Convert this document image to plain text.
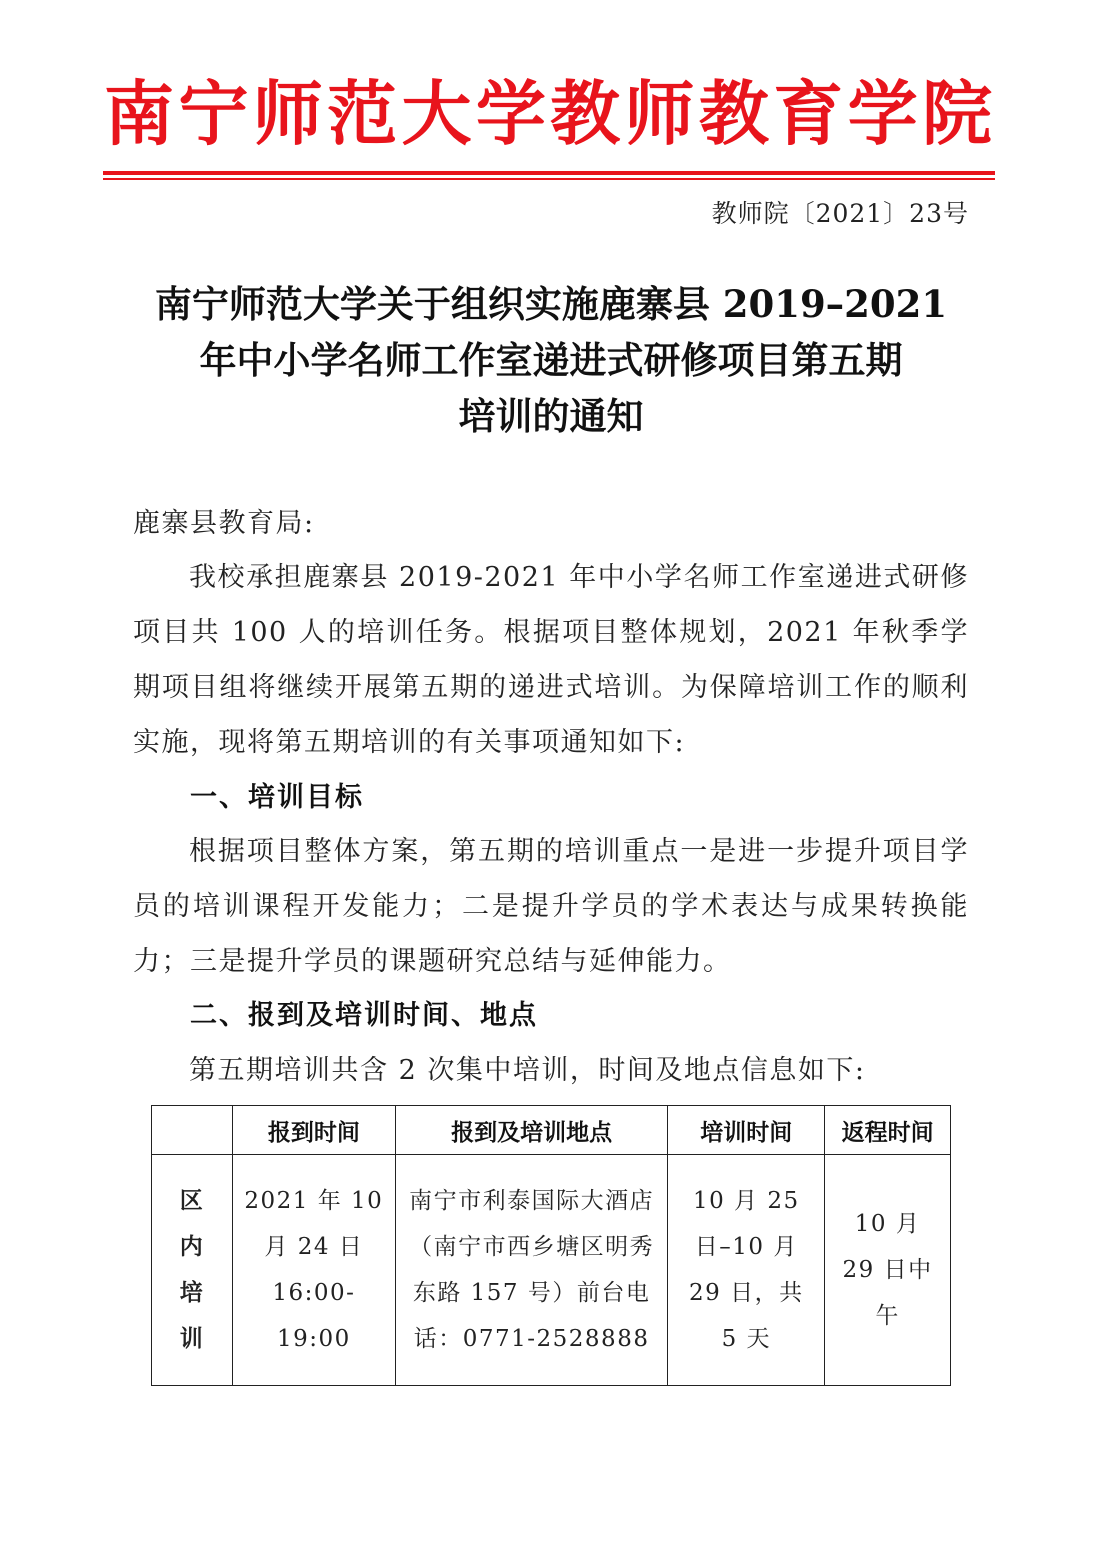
南宁师范大学教师教育学院
教师院〔2021〕23号
南宁师范大学关于组织实施鹿寨县 2019–2021
年中小学名师工作室递进式研修项目第五期
培训的通知
鹿寨县教育局:
我校承担鹿寨县 2019-2021 年中小学名师工作室递进式研修项目共 100 人的培训任务。根据项目整体规划，2021 年秋季学期项目组将继续开展第五期的递进式培训。为保障培训工作的顺利实施，现将第五期培训的有关事项通知如下:
一、培训目标
根据项目整体方案，第五期的培训重点一是进一步提升项目学员的培训课程开发能力；二是提升学员的学术表达与成果转换能力；三是提升学员的课题研究总结与延伸能力。
二、报到及培训时间、地点
第五期培训共含 2 次集中培训，时间及地点信息如下:
	报到时间	报到及培训地点	培训时间	返程时间
区内培训	2021 年 10 月 24 日 16:00-19:00	南宁市利泰国际大酒店（南宁市西乡塘区明秀东路 157 号）前台电话：0771-2528888	10 月 25 日–10 月 29 日，共 5 天	10 月 29 日中午
